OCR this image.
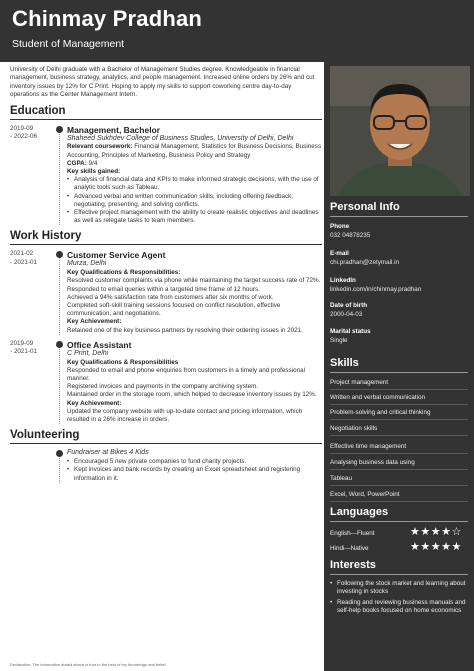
Chinmay Pradhan
Student of Management
University of Delhi graduate with a Bachelor of Management Studies degree. Knowledgeable in financial management, business strategy, analytics, and people management. Increased online orders by 26% and cut inventory issues by 12% for C Print. Hoping to apply my skills to support coworking centre day-to-day operations as the Center Management Intern.
Education
2019-09
- 2022-06
Management, Bachelor
Shaheed Sukhdev College of Business Studies, University of Delhi, Delhi
Relevant coursework: Financial Management, Statistics for Business Decisions, Business Accounting, Principles of Marketing, Business Policy and Strategy
CGPA: 9/4
Key skills gained:
• Analysis of financial data and KPIs to make informed strategic decisions, with the use of analytic tools such as Tableau.
• Advanced verbal and written communication skills, including offering feedback, negotiating, presenting, and solving conflicts.
• Effective project management with the ability to create realistic objectives and deadlines as well as relegate tasks to team members.
Work History
2021-02
- 2021-01
Customer Service Agent
Murza, Delhi
Key Qualifications & Responsibilities:
Resolved customer complaints via phone while maintaining the target success rate of 72%.
Responded to email queries within a targeted time frame of 12 hours.
Achieved a 94% satisfaction rate from customers after six months of work.
Completed soft-skill training sessions focused on conflict resolution, effective communication, and negotiations.
Key Achievement:
Retained one of the key business partners by resolving their ordering issues in 2021.
2019-09
- 2021-01
Office Assistant
C Print, Delhi
Key Qualifications & Responsibilities
Responded to email and phone enquiries from customers in a timely and professional manner.
Registered invoices and payments in the company archiving system.
Maintained order in the storage room, which helped to decrease inventory issues by 12%.
Key Achievement:
Updated the company website with up-to-date contact and pricing information, which resulted in a 26% increase in orders.
Volunteering
Fundraiser at Bikes 4 Kids
• Encouraged 5 new private companies to fund charity projects.
• Kept invoices and bank records by creating an Excel spreadsheet and registering information in it.
Declaration: The information stated above is true to the best of my knowledge and belief
Personal Info
Phone
032 04878235
E-mail
chi.pradhan@zetymail.in
LinkedIn
linkedin.com/in/chinmay.pradhan
Date of birth
2000-04-03
Marital status
Single
Skills
Project management
Written and verbal communication
Problem-solving and critical thinking
Negotiation skills
Effective time management
Analysing business data using
Tableau
Excel, Word, PowerPoint
Languages
English—Fluent	★★★★☆
Hindi—Native	★★★★★
Interests
• Following the stock market and learning about investing in stocks
• Reading and reviewing business manuals and self-help books focused on home economics
